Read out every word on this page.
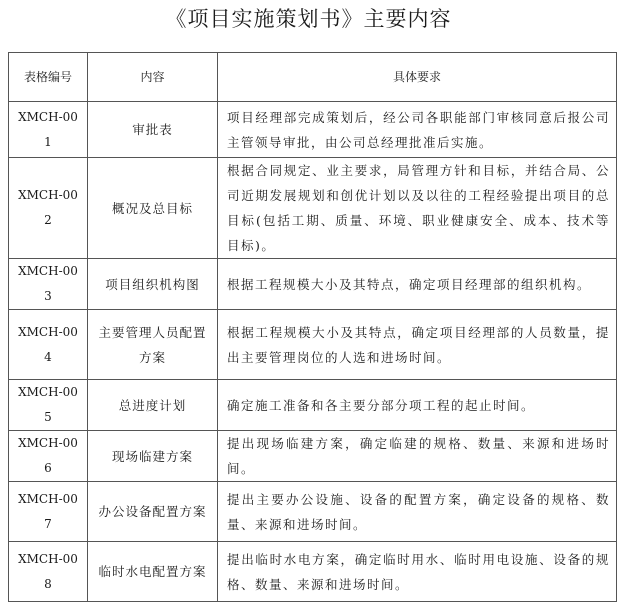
《项目实施策划书》主要内容
表格编号	内容	具体要求
XMCH-001	审批表	项目经理部完成策划后，经公司各职能部门审核同意后报公司主管领导审批，由公司总经理批准后实施。
XMCH-002	概况及总目标	根据合同规定、业主要求，局管理方针和目标，并结合局、公司近期发展规划和创优计划以及以往的工程经验提出项目的总目标(包括工期、质量、环境、职业健康安全、成本、技术等目标)。
XMCH-003	项目组织机构图	根据工程规模大小及其特点，确定项目经理部的组织机构。
XMCH-004	主要管理人员配置方案	根据工程规模大小及其特点，确定项目经理部的人员数量，提出主要管理岗位的人选和进场时间。
XMCH-005	总进度计划	确定施工准备和各主要分部分项工程的起止时间。
XMCH-006	现场临建方案	提出现场临建方案，确定临建的规格、数量、来源和进场时间。
XMCH-007	办公设备配置方案	提出主要办公设施、设备的配置方案，确定设备的规格、数量、来源和进场时间。
XMCH-008	临时水电配置方案	提出临时水电方案，确定临时用水、临时用电设施、设备的规格、数量、来源和进场时间。
